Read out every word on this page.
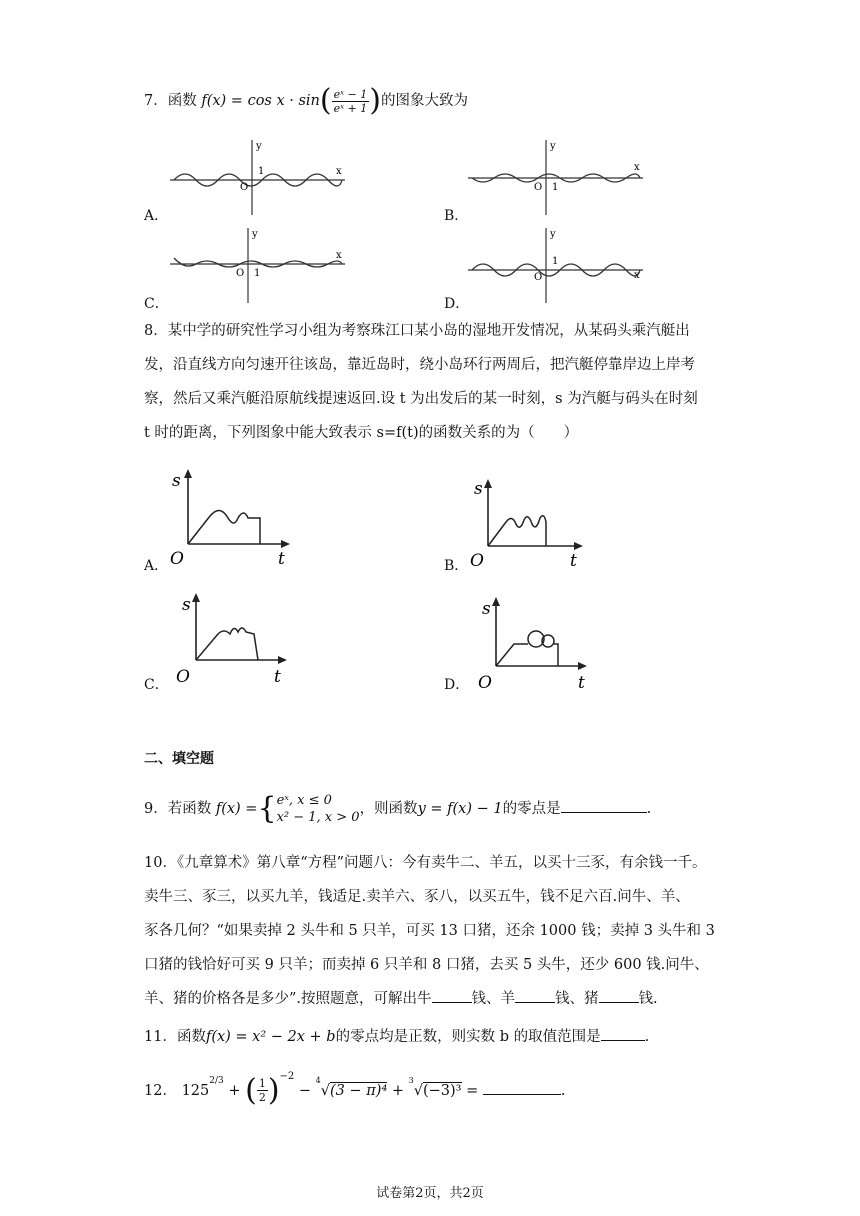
7．函数 $f(x) = \cos x \cdot \sin( \frac{\text{eˣ − 1}}{\text{eˣ + 1}}$ )的图象大致为
A．	B．
C．	D．
y
x
O
1
y
x
O 1
y
x
O 1
y
x
O
1
8．某中学的研究性学习小组为考察珠江口某小岛的湿地开发情况，从某码头乘汽艇出
发，沿直线方向匀速开往该岛，靠近岛时，绕小岛环行两周后，把汽艇停靠岸边上岸考
察，然后又乘汽艇沿原航线提速返回.设 t 为出发后的某一时刻，s 为汽艇与码头在时刻
t 时的距离，下列图象中能大致表示 s=f(t)的函数关系的为（　　）
A．	B．
C．	D．
s
O	t
s
O	t
s
O	t
s
O	t
二、填空题
9．若函数 f(x) ={ eˣ, x ≤ 0
x² − 1, x > 0
，则函数y = f(x) − 1的零点是	.
10．《九章算术》第八章“方程”问题八：今有卖牛二、羊五，以买十三豕，有余钱一千。
卖牛三、豕三，以买九羊，钱适足.卖羊六、豕八，以买五牛，钱不足六百.问牛、羊、
豕各几何？“如果卖掉 2 头牛和 5 只羊，可买 13 口猪，还余 1000 钱；卖掉 3 头牛和 3
口猪的钱恰好可买 9 只羊；而卖掉 6 只羊和 8 口猪，去买 5 头牛，还少 600 钱.问牛、
羊、猪的价格各是多少”.按照题意，可解出牛	钱、羊	钱、猪	钱.
11．函数f(x) = x² − 2x + b的零点均是正数，则实数 b 的取值范围是	.
12． $125^{2/3}$ + ( $\frac{1}{2} )^{-2} - ^4√(3 - \pi)^4 + ^3√(-3)^3$ =	.
试卷第2页，共2页
